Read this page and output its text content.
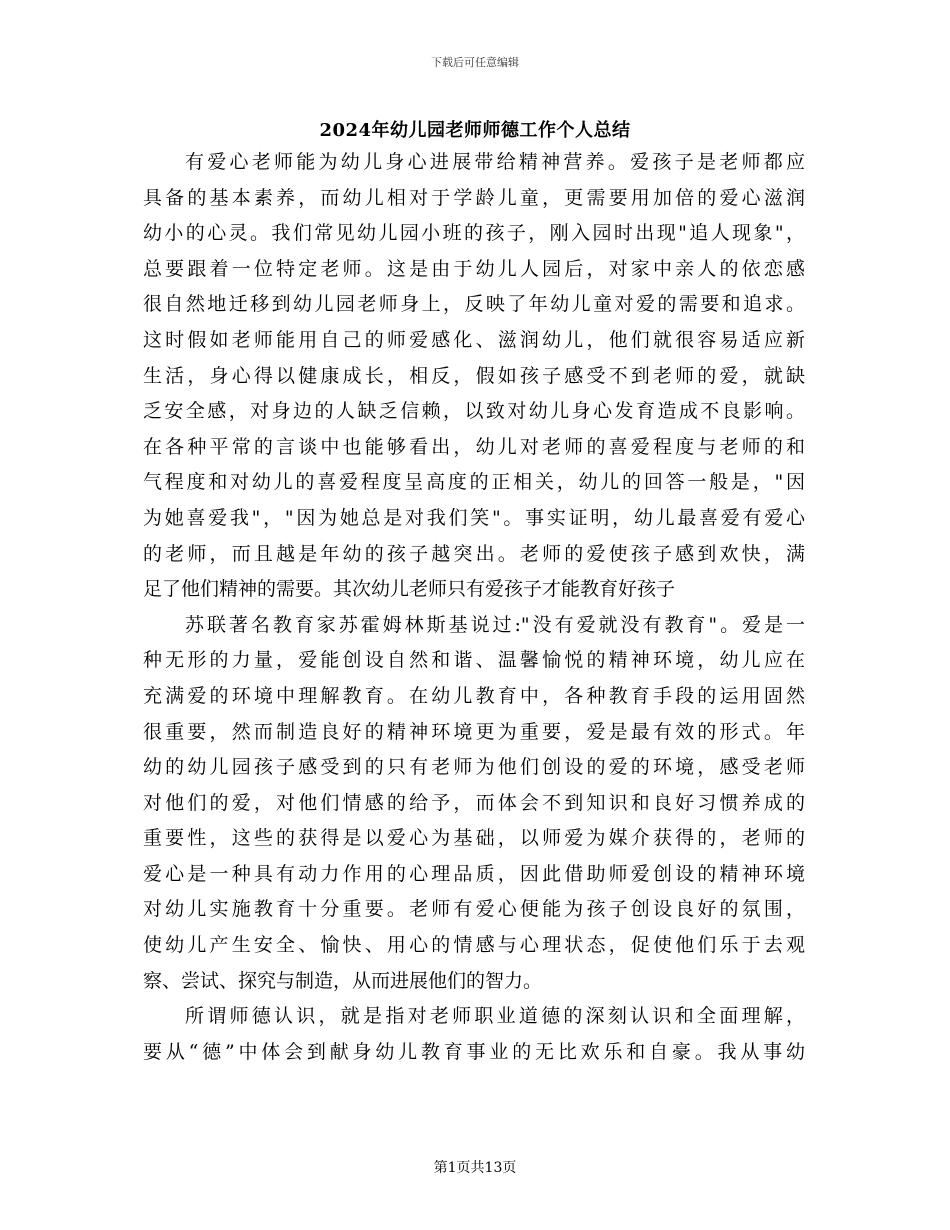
下载后可任意编辑
2024年幼儿园老师师德工作个人总结
有爱心老师能为幼儿身心进展带给精神营养。爱孩子是老师都应
具备的基本素养，而幼儿相对于学龄儿童，更需要用加倍的爱心滋润
幼小的心灵。我们常见幼儿园小班的孩子，刚入园时出现"追人现象"，
总要跟着一位特定老师。这是由于幼儿人园后，对家中亲人的依恋感
很自然地迁移到幼儿园老师身上，反映了年幼儿童对爱的需要和追求。
这时假如老师能用自己的师爱感化、滋润幼儿，他们就很容易适应新
生活，身心得以健康成长，相反，假如孩子感受不到老师的爱，就缺
乏安全感，对身边的人缺乏信赖，以致对幼儿身心发育造成不良影响。
在各种平常的言谈中也能够看出，幼儿对老师的喜爱程度与老师的和
气程度和对幼儿的喜爱程度呈高度的正相关，幼儿的回答一般是，"因
为她喜爱我"，"因为她总是对我们笑"。事实证明，幼儿最喜爱有爱心
的老师，而且越是年幼的孩子越突出。老师的爱使孩子感到欢快，满
足了他们精神的需要。其次幼儿老师只有爱孩子才能教育好孩子
苏联著名教育家苏霍姆林斯基说过:"没有爱就没有教育"。爱是一
种无形的力量，爱能创设自然和谐、温馨愉悦的精神环境，幼儿应在
充满爱的环境中理解教育。在幼儿教育中，各种教育手段的运用固然
很重要，然而制造良好的精神环境更为重要，爱是最有效的形式。年
幼的幼儿园孩子感受到的只有老师为他们创设的爱的环境，感受老师
对他们的爱，对他们情感的给予，而体会不到知识和良好习惯养成的
重要性，这些的获得是以爱心为基础，以师爱为媒介获得的，老师的
爱心是一种具有动力作用的心理品质，因此借助师爱创设的精神环境
对幼儿实施教育十分重要。老师有爱心便能为孩子创设良好的氛围，
使幼儿产生安全、愉快、用心的情感与心理状态，促使他们乐于去观
察、尝试、探究与制造，从而进展他们的智力。
所谓师德认识，就是指对老师职业道德的深刻认识和全面理解，
要从“德”中体会到献身幼儿教育事业的无比欢乐和自豪。我从事幼
第1页共13页
